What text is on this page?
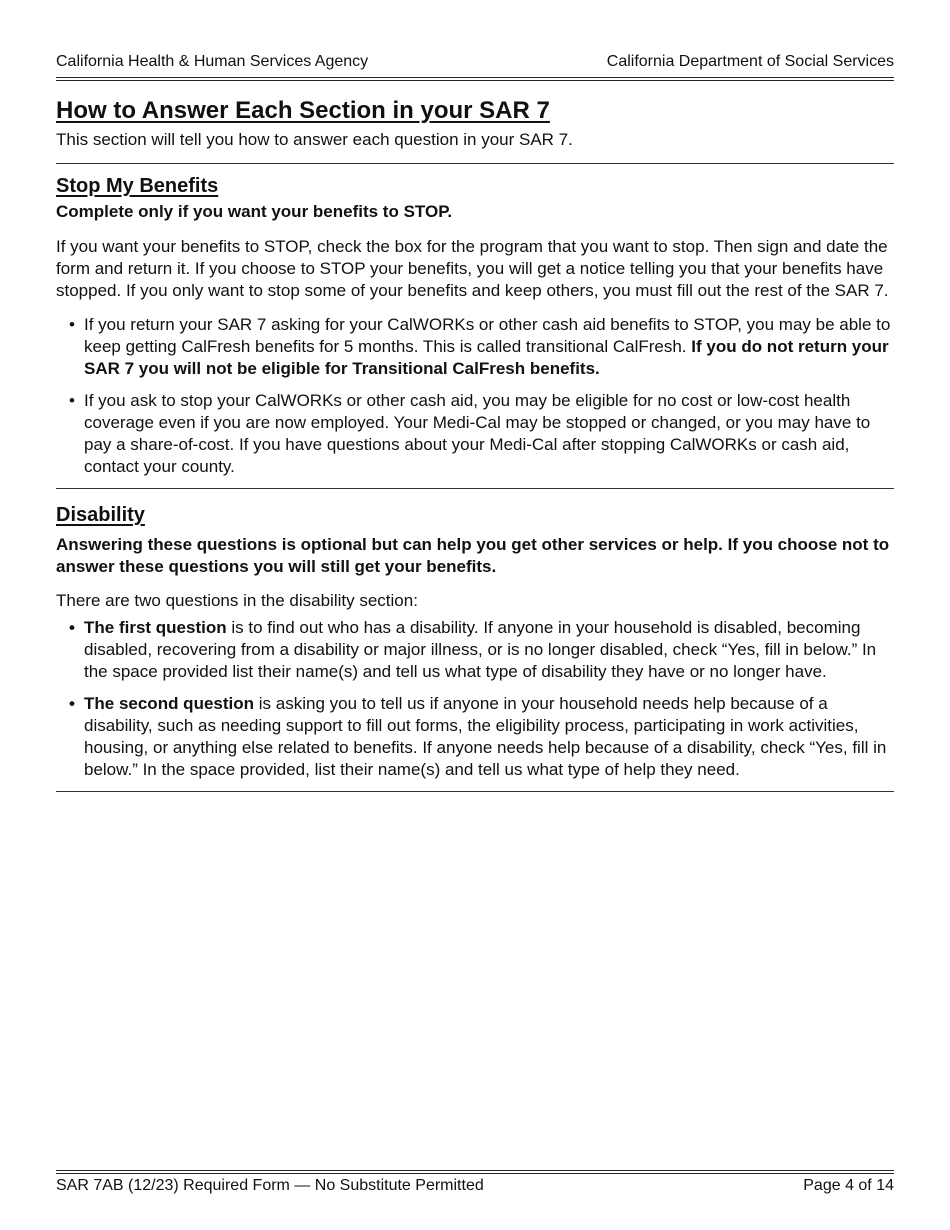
California Health & Human Services Agency	California Department of Social Services
How to Answer Each Section in your SAR 7

This section will tell you how to answer each question in your SAR 7.

Stop My Benefits

Complete only if you want your benefits to STOP.

If you want your benefits to STOP, check the box for the program that you want to stop. Then sign and date the form and return it. If you choose to STOP your benefits, you will get a notice telling you that your benefits have stopped. If you only want to stop some of your benefits and keep others, you must fill out the rest of the SAR 7.

• If you return your SAR 7 asking for your CalWORKs or other cash aid benefits to STOP, you may be able to keep getting CalFresh benefits for 5 months. This is called transitional CalFresh. If you do not return your SAR 7 you will not be eligible for Transitional CalFresh benefits.
• If you ask to stop your CalWORKs or other cash aid, you may be eligible for no cost or low-cost health coverage even if you are now employed. Your Medi-Cal may be stopped or changed, or you may have to pay a share-of-cost. If you have questions about your Medi-Cal after stopping CalWORKs or cash aid, contact your county.
Disability

Answering these questions is optional but can help you get other services or help. If you choose not to answer these questions you will still get your benefits.

There are two questions in the disability section:

• The first question is to find out who has a disability. If anyone in your household is disabled, becoming disabled, recovering from a disability or major illness, or is no longer disabled, check “Yes, fill in below.” In the space provided list their name(s) and tell us what type of disability they have or no longer have.
• The second question is asking you to tell us if anyone in your household needs help because of a disability, such as needing support to fill out forms, the eligibility process, participating in work activities, housing, or anything else related to benefits. If anyone needs help because of a disability, check “Yes, fill in below.” In the space provided, list their name(s) and tell us what type of help they need.
SAR 7AB (12/23) Required Form — No Substitute Permitted	Page 4 of 14
